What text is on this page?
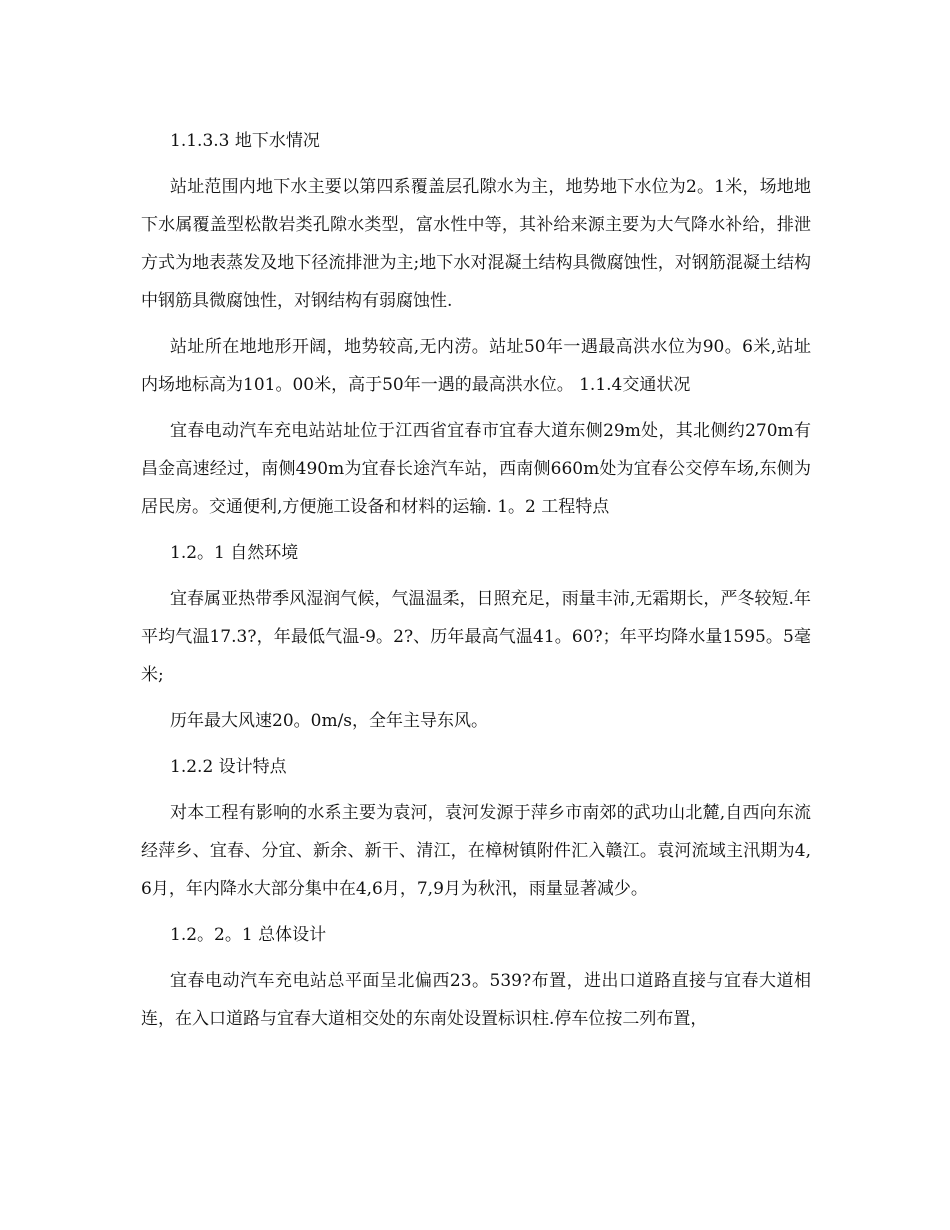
1.1.3.3 地下水情况

站址范围内地下水主要以第四系覆盖层孔隙水为主，地势地下水位为2。1米，场地地下水属覆盖型松散岩类孔隙水类型，富水性中等，其补给来源主要为大气降水补给，排泄方式为地表蒸发及地下径流排泄为主;地下水对混凝土结构具微腐蚀性，对钢筋混凝土结构中钢筋具微腐蚀性，对钢结构有弱腐蚀性.

站址所在地地形开阔，地势较高,无内涝。站址50年一遇最高洪水位为90。6米,站址内场地标高为101。00米，高于50年一遇的最高洪水位。 1.1.4交通状况

宜春电动汽车充电站站址位于江西省宜春市宜春大道东侧29m处，其北侧约270m有昌金高速经过，南侧490m为宜春长途汽车站，西南侧660m处为宜春公交停车场,东侧为居民房。交通便利,方便施工设备和材料的运输. 1。2 工程特点

1.2。1 自然环境

宜春属亚热带季风湿润气候，气温温柔，日照充足，雨量丰沛,无霜期长，严冬较短.年平均气温17.3?，年最低气温-9。2?、历年最高气温41。60?；年平均降水量1595。5毫米;

历年最大风速20。0m/s，全年主导东风。

1.2.2 设计特点

对本工程有影响的水系主要为袁河，袁河发源于萍乡市南郊的武功山北麓,自西向东流经萍乡、宜春、分宜、新余、新干、清江，在樟树镇附件汇入赣江。袁河流域主汛期为4,6月，年内降水大部分集中在4,6月，7,9月为秋汛，雨量显著减少。

1.2。2。1 总体设计

宜春电动汽车充电站总平面呈北偏西23。539?布置，进出口道路直接与宜春大道相连，在入口道路与宜春大道相交处的东南处设置标识柱.停车位按二列布置，
